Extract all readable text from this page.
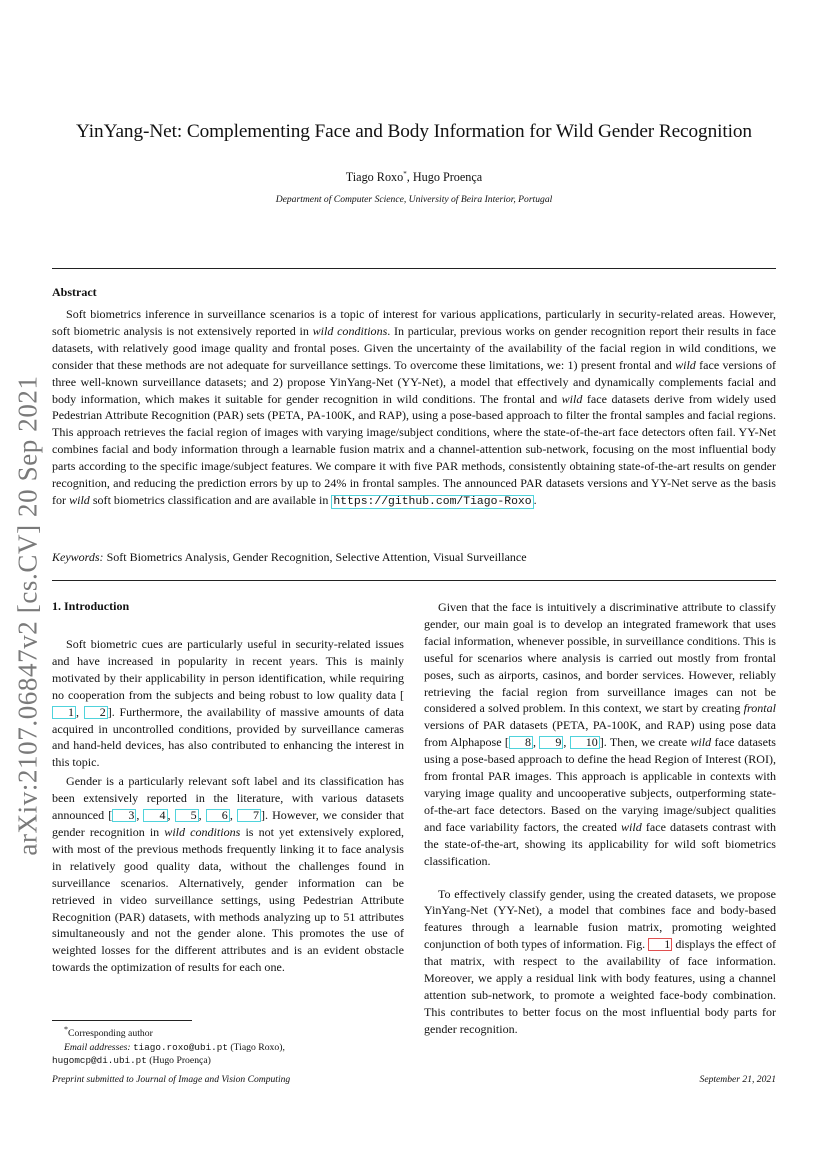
arXiv:2107.06847v2 [cs.CV] 20 Sep 2021
YinYang-Net: Complementing Face and Body Information for Wild Gender Recognition
Tiago Roxo*, Hugo Proença
Department of Computer Science, University of Beira Interior, Portugal
Abstract

Soft biometrics inference in surveillance scenarios is a topic of interest for various applications, particularly in security-related areas. However, soft biometric analysis is not extensively reported in wild conditions. In particular, previous works on gender recognition report their results in face datasets, with relatively good image quality and frontal poses. Given the uncertainty of the availability of the facial region in wild conditions, we consider that these methods are not adequate for surveillance settings. To overcome these limitations, we: 1) present frontal and wild face versions of three well-known surveillance datasets; and 2) propose YinYang-Net (YY-Net), a model that effectively and dynamically complements facial and body information, which makes it suitable for gender recognition in wild conditions. The frontal and wild face datasets derive from widely used Pedestrian Attribute Recognition (PAR) sets (PETA, PA-100K, and RAP), using a pose-based approach to filter the frontal samples and facial regions. This approach retrieves the facial region of images with varying image/subject conditions, where the state-of-the-art face detectors often fail. YY-Net combines facial and body information through a learnable fusion matrix and a channel-attention sub-network, focusing on the most influential body parts according to the specific image/subject features. We compare it with five PAR methods, consistently obtaining state-of-the-art results on gender recognition, and reducing the prediction errors by up to 24% in frontal samples. The announced PAR datasets versions and YY-Net serve as the basis for wild soft biometrics classification and are available in https://github.com/Tiago-Roxo .

Keywords: Soft Biometrics Analysis, Gender Recognition, Selective Attention, Visual Surveillance
1. Introduction

Soft biometric cues are particularly useful in security-related issues and have increased in popularity in recent years. This is mainly motivated by their applicability in person identification, while requiring no cooperation from the subjects and being robust to low quality data [1 , 2 ]. Furthermore, the availability of massive amounts of data acquired in uncontrolled conditions, provided by surveillance cameras and hand-held devices, has also contributed to enhancing the interest in this topic.

Gender is a particularly relevant soft label and its classification has been extensively reported in the literature, with various datasets announced [ 3 , 4 , 5 , 6 , 7 ]. However, we consider that gender recognition in wild conditions is not yet extensively explored, with most of the previous methods frequently linking it to face analysis in relatively good quality data, without the challenges found in surveillance scenarios. Alternatively, gender information can be retrieved in video surveillance settings, using Pedestrian Attribute Recognition (PAR) datasets, with methods analyzing up to 51 attributes simultaneously and not the gender alone. This promotes the use of weighted losses for the different attributes and is an evident obstacle towards the optimization of results for each one.

Given that the face is intuitively a discriminative attribute to classify gender, our main goal is to develop an integrated framework that uses facial information, whenever possible, in surveillance conditions. This is useful for scenarios where analysis is carried out mostly from frontal poses, such as airports, casinos, and border services. However, reliably retrieving the facial region from surveillance images can not be considered a solved problem. In this context, we start by creating frontal versions of PAR datasets (PETA, PA-100K, and RAP) using pose data from Alphapose [ 8 , 9 , 10 ]. Then, we create wild face datasets using a pose-based approach to define the head Region of Interest (ROI), from frontal PAR images. This approach is applicable in contexts with varying image quality and uncooperative subjects, outperforming state-of-the-art face detectors. Based on the varying image/subject qualities and face variability factors, the created wild face datasets contrast with the state-of-the-art, showing its applicability for wild soft biometrics classification.

To effectively classify gender, using the created datasets, we propose YinYang-Net (YY-Net), a model that combines face and body-based features through a learnable fusion matrix, promoting weighted conjunction of both types of information. Fig. 1 displays the effect of that matrix, with respect to the availability of face information. Moreover, we apply a residual link with body features, using a channel attention sub-network, to promote a weighted face-body combination. This contributes to better focus on the most influential body parts for gender recognition.

*Corresponding author
Email addresses: tiago.roxo@ubi.pt (Tiago Roxo),
hugomcp@di.ubi.pt (Hugo Proença)
Preprint submitted to Journal of Image and Vision Computing	September 21, 2021
